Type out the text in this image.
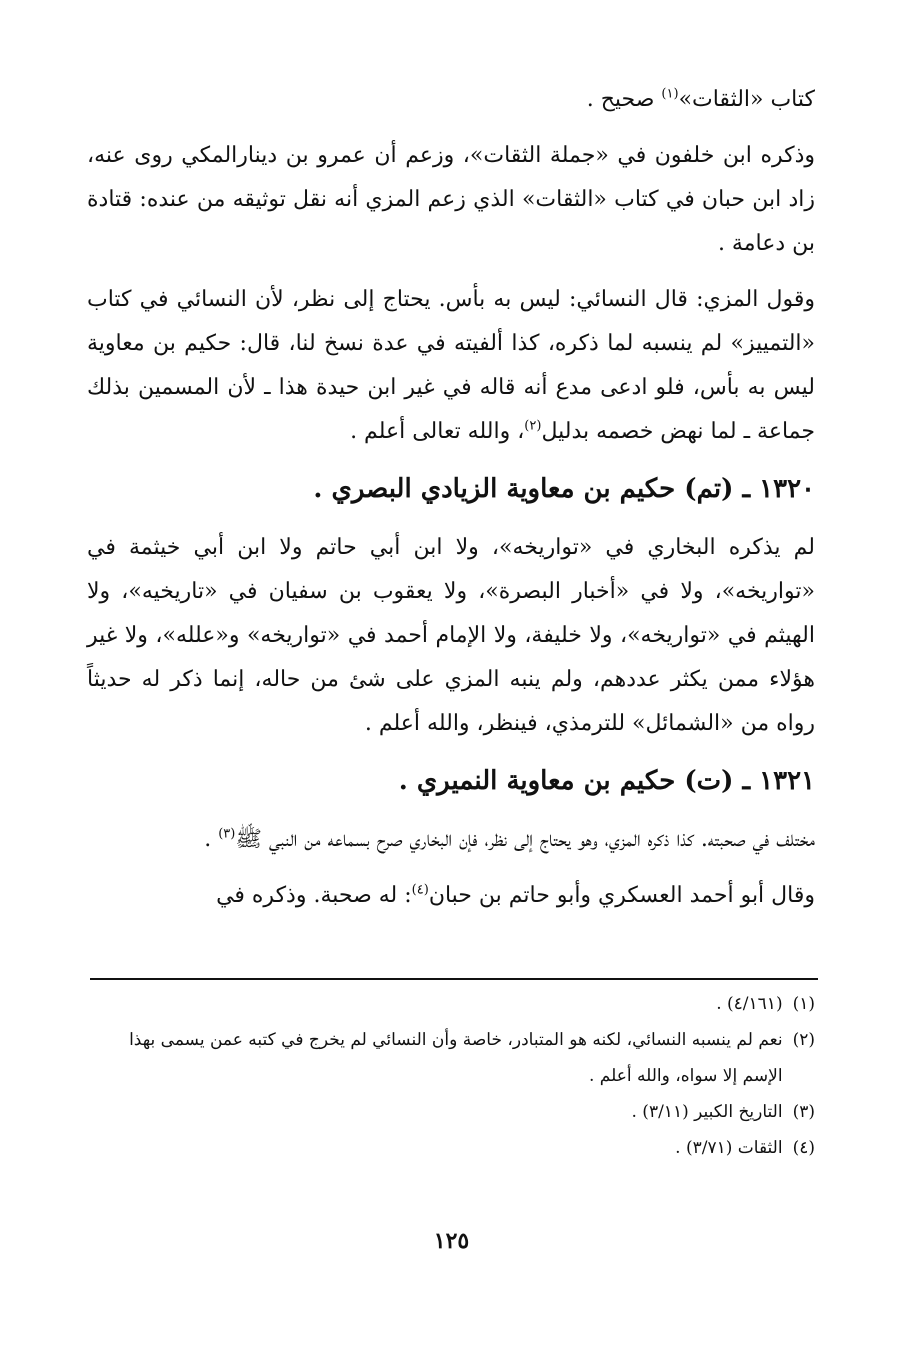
كتاب «الثقات»$^{(١)}$ صحيح .

وذكره ابن خلفون في «جملة الثقات»، وزعم أن عمرو بن دينارالمكي روى عنه، زاد ابن حبان في كتاب «الثقات» الذي زعم المزي أنه نقل توثيقه من عنده: قتادة بن دعامة .

وقول المزي: قال النسائي: ليس به بأس. يحتاج إلى نظر، لأن النسائي في كتاب «التمييز» لم ينسبه لما ذكره، كذا ألفيته في عدة نسخ لنا، قال: حكيم بن معاوية ليس به بأس، فلو ادعى مدع أنه قاله في غير ابن حيدة هذا ـ لأن المسمين بذلك جماعة ـ لما نهض خصمه بدليل$^{(٢)}$، والله تعالى أعلم .

١٣٢٠ ـ (تم) حكيم بن معاوية الزيادي البصري .

لم يذكره البخاري في «تواريخه»، ولا ابن أبي حاتم ولا ابن أبي خيثمة في «تواريخه»، ولا في «أخبار البصرة»، ولا يعقوب بن سفيان في «تاريخيه»، ولا الهيثم في «تواريخه»، ولا خليفة، ولا الإمام أحمد في «تواريخه» و«علله»، ولا غير هؤلاء ممن يكثر عددهم، ولم ينبه المزي على شئ من حاله، إنما ذكر له حديثاً رواه من «الشمائل» للترمذي، فينظر، والله أعلم .

١٣٢١ ـ (ت) حكيم بن معاوية النميري .

مختلف في صحبته. كذا ذكره المزي، وهو يحتاج إلى نظر، فإن البخاري صرح بسماعه من النبي ﷺ$^{(٣)}$ .

وقال أبو أحمد العسكري وأبو حاتم بن حبان$^{(٤)}$: له صحبة. وذكره في

(١)
(٤/١٦١) .

(٢)
نعم لم ينسبه النسائي، لكنه هو المتبادر، خاصة وأن النسائي لم يخرج في كتبه عمن يسمى بهذا الإسم إلا سواه، والله أعلم .

(٣)
التاريخ الكبير (٣/١١) .

(٤)
الثقات (٣/٧١) .

١٢٥
